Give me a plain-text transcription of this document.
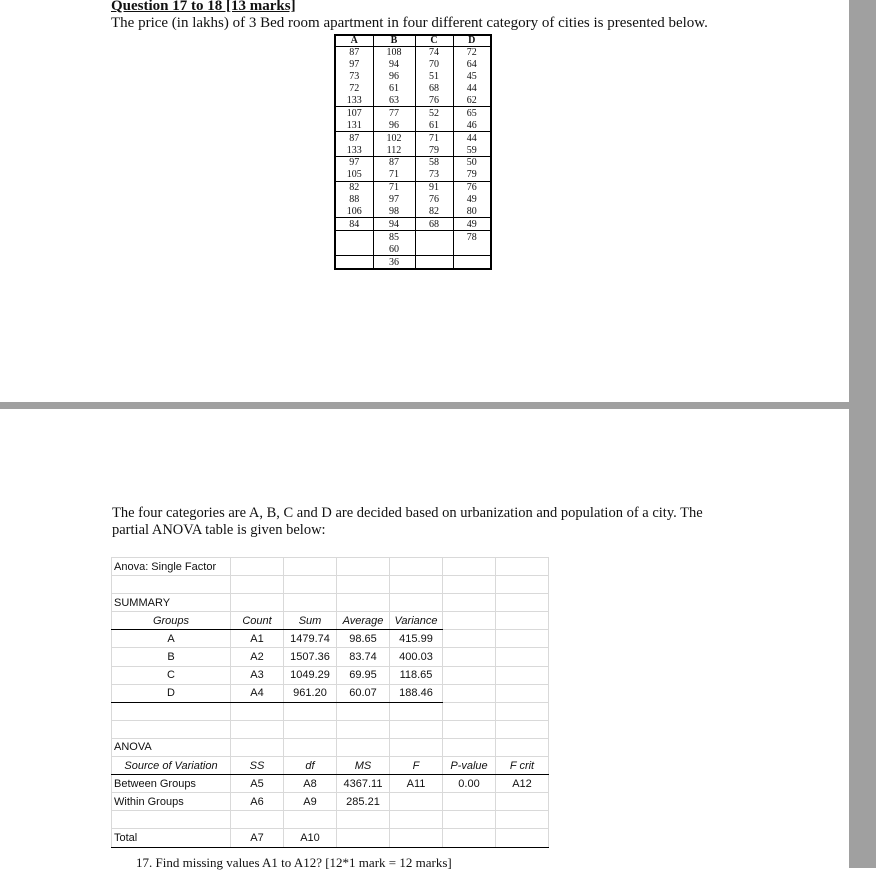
Question 17 to 18 [13 marks]
The price (in lakhs) of 3 Bed room apartment in four different category of cities is presented below.
A	B	C	D
87	108	74	72
97	94	70	64
73	96	51	45
72	61	68	44
133	63	76	62
107	77	52	65
131	96	61	46
87	102	71	44
133	112	79	59
97	87	58	50
105	71	73	79
82	71	91	76
88	97	76	49
106	98	82	80
84	94	68	49
	85		78
	60		
	36		
The four categories are A, B, C and D are decided based on urbanization and population of a city. The partial ANOVA table is given below:
Anova: Single Factor						

SUMMARY						
Groups	Count	Sum	Average	Variance		
A	A1	1479.74	98.65	415.99		
B	A2	1507.36	83.74	400.03		
C	A3	1049.29	69.95	118.65		
D	A4	961.20	60.07	188.46		

ANOVA						
Source of Variation	SS	df	MS	F	P-value	F crit
Between Groups	A5	A8	4367.11	A11	0.00	A12
Within Groups	A6	A9	285.21			

Total	A7	A10				
17. Find missing values A1 to A12? [12*1 mark = 12 marks]
